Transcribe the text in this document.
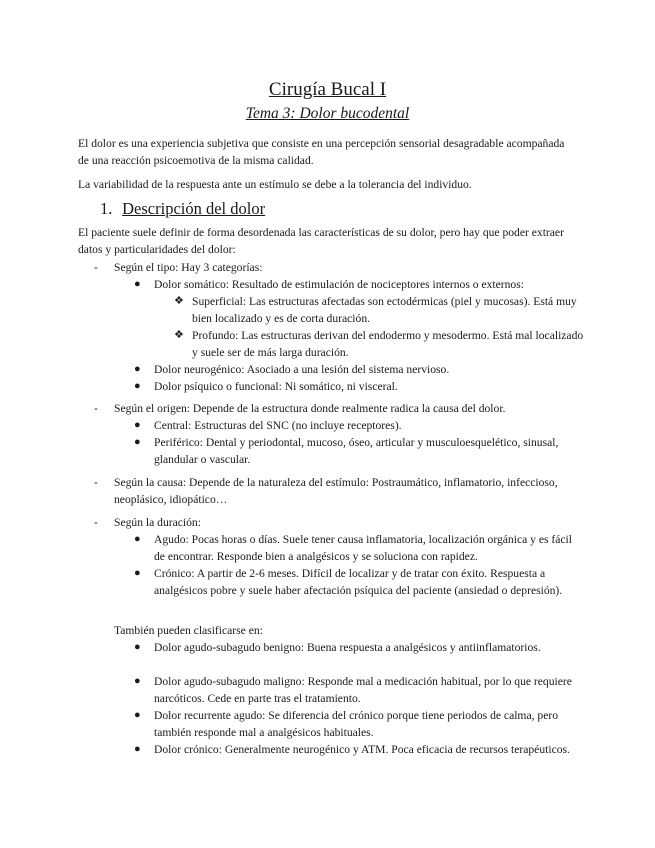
Cirugía Bucal I
Tema 3: Dolor bucodental
El dolor es una experiencia subjetiva que consiste en una percepción sensorial desagradable acompañada de una reacción psicoemotiva de la misma calidad.
La variabilidad de la respuesta ante un estímulo se debe a la tolerancia del individuo.
1. Descripción del dolor
El paciente suele definir de forma desordenada las características de su dolor, pero hay que poder extraer datos y particularidades del dolor:
- Según el tipo: Hay 3 categorías:
● Dolor somático: Resultado de estimulación de nociceptores internos o externos:
❖ Superficial: Las estructuras afectadas son ectodérmicas (piel y mucosas). Está muy bien localizado y es de corta duración.
❖ Profundo: Las estructuras derivan del endodermo y mesodermo. Está mal localizado y suele ser de más larga duración.
● Dolor neurogénico: Asociado a una lesión del sistema nervioso.
● Dolor psíquico o funcional: Ni somático, ni visceral.
- Según el origen: Depende de la estructura donde realmente radica la causa del dolor.
● Central: Estructuras del SNC (no incluye receptores).
● Periférico: Dental y periodontal, mucoso, óseo, articular y musculoesquelético, sinusal, glandular o vascular.
- Según la causa: Depende de la naturaleza del estímulo: Postraumático, inflamatorio, infeccioso, neoplásico, idiopático…
- Según la duración:
● Agudo: Pocas horas o días. Suele tener causa inflamatoria, localización orgánica y es fácil de encontrar. Responde bien a analgésicos y se soluciona con rapidez.
● Crónico: A partir de 2-6 meses. Difícil de localizar y de tratar con éxito. Respuesta a analgésicos pobre y suele haber afectación psíquica del paciente (ansiedad o depresión).
También pueden clasificarse en:
● Dolor agudo-subagudo benigno: Buena respuesta a analgésicos y antiinflamatorios.
● Dolor agudo-subagudo maligno: Responde mal a medicación habitual, por lo que requiere narcóticos. Cede en parte tras el tratamiento.
● Dolor recurrente agudo: Se diferencia del crónico porque tiene periodos de calma, pero también responde mal a analgésicos habituales.
● Dolor crónico: Generalmente neurogénico y ATM. Poca eficacia de recursos terapéuticos.
